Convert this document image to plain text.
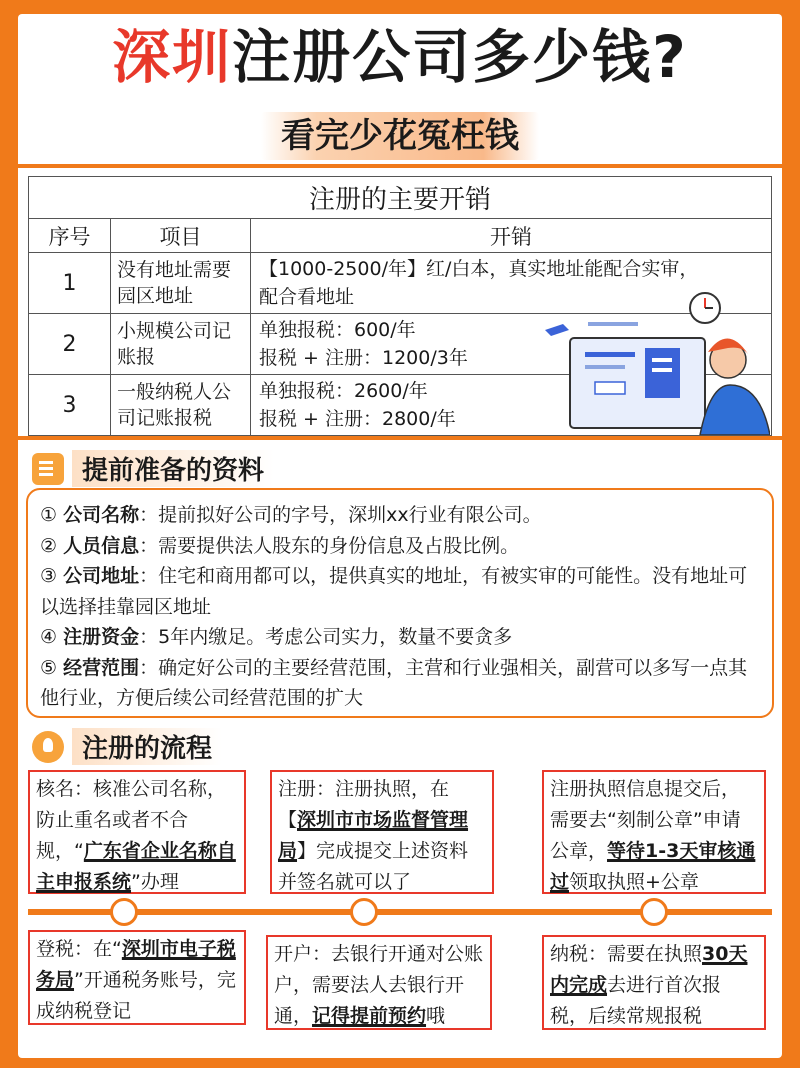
深圳注册公司多少钱?
看完少花冤枉钱
注册的主要开销		
序号	项目	开销
1	没有地址需要园区地址	【1000-2500/年】红/白本，真实地址能配合实审，
配合看地址

2	小规模公司记账报	单独报税：600/年
报税 + 注册：1200/3年

3	一般纳税人公司记账报税	单独报税：2600/年
报税 + 注册：2800/年
提前准备的资料
① 公司名称：提前拟好公司的字号，深圳xx行业有限公司。
② 人员信息：需要提供法人股东的身份信息及占股比例。
③ 公司地址：住宅和商用都可以，提供真实的地址，有被实审的可能性。没有地址可以选择挂靠园区地址
④ 注册资金：5年内缴足。考虑公司实力，数量不要贪多
⑤ 经营范围：确定好公司的主要经营范围，主营和行业强相关，副营可以多写一点其他行业，方便后续公司经营范围的扩大
注册的流程
核名：核准公司名称，防止重名或者不合规，“广东省企业名称自主申报系统”办理
注册：注册执照，在【深圳市市场监督管理局】完成提交上述资料并签名就可以了
注册执照信息提交后，需要去“刻制公章”申请公章，等待1-3天审核通过领取执照+公章
登税：在“深圳市电子税务局”开通税务账号，完成纳税登记
开户：去银行开通对公账户，需要法人去银行开通，记得提前预约哦
纳税：需要在执照30天内完成去进行首次报税，后续常规报税
